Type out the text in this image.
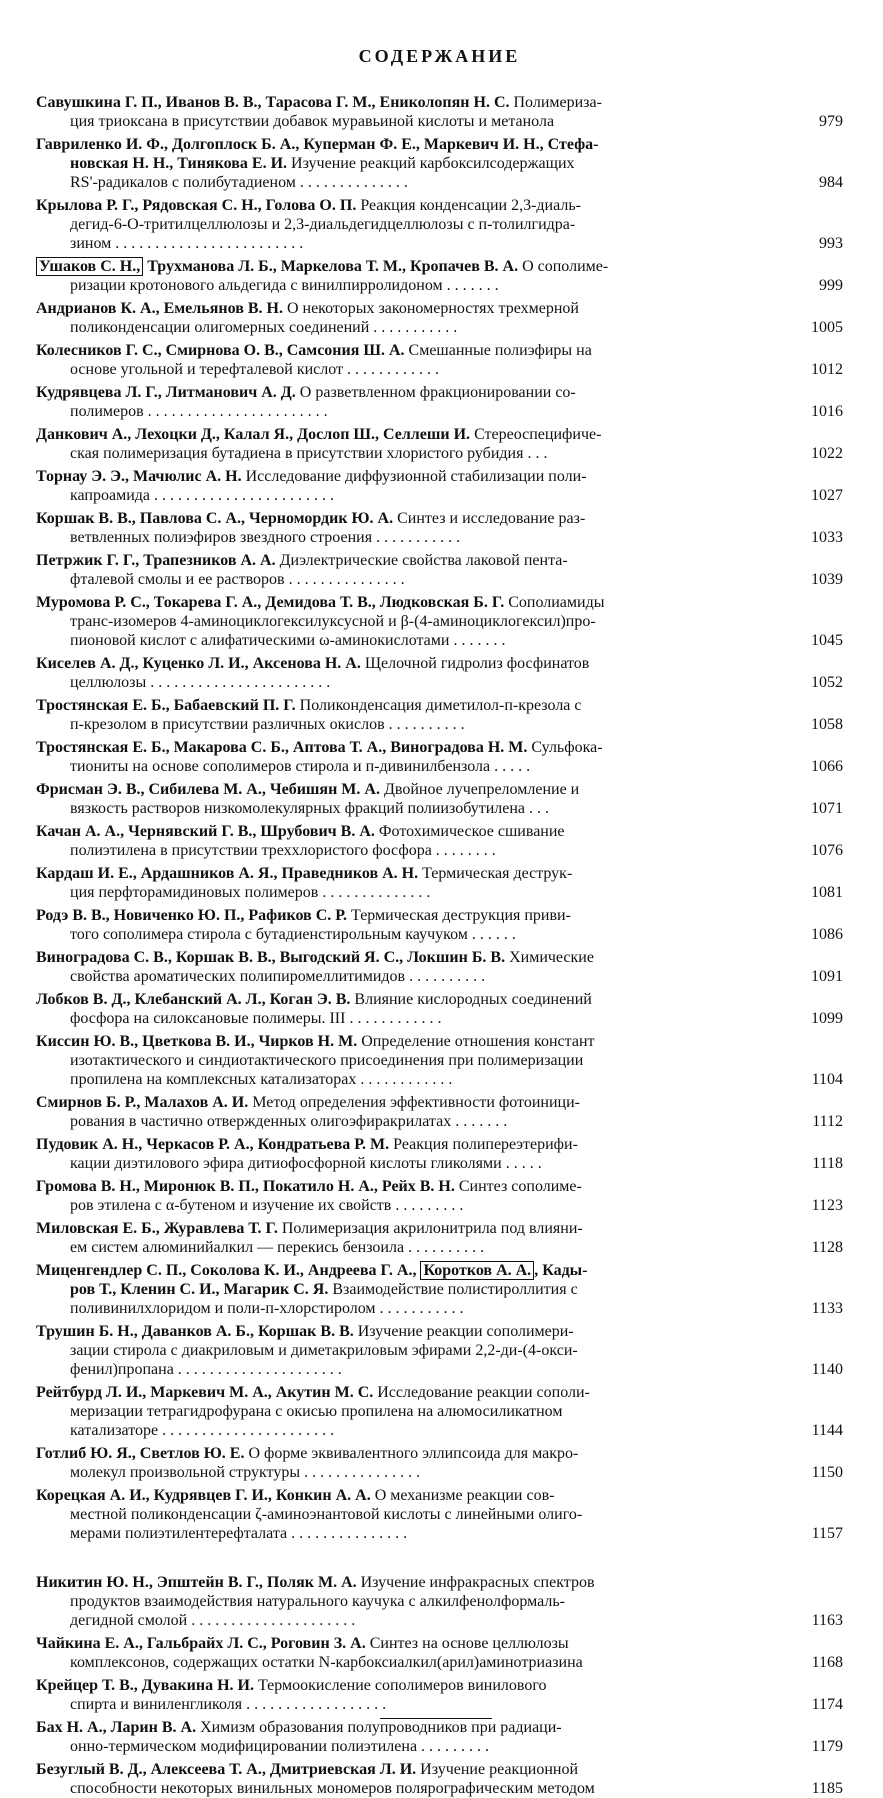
СОДЕРЖАНИЕ
Савушкина Г. П., Иванов В. В., Тарасова Г. М., Ениколопян Н. С. Полимериза-
ция триоксана в присутствии добавок муравьиной кислоты и метанола	979
Гавриленко И. Ф., Долгоплоск Б. А., Куперман Ф. Е., Маркевич И. Н., Стефа-
новская Н. Н., Тинякова Е. И. Изучение реакций карбоксилсодержащих
RS'-радикалов с полибутадиеном . . . . . . . . . . . . . .	984
Крылова Р. Г., Рядовская С. Н., Голова О. П. Реакция конденсации 2,3-диаль-
дегид-6-О-тритилцеллюлозы и 2,3-диальдегидцеллюлозы с п-толилгидра-
зином . . . . . . . . . . . . . . . . . . . . . . . .	993
Ушаков С. Н., Трухманова Л. Б., Маркелова Т. М., Кропачев В. А. О сополиме-
ризации кротонового альдегида с винилпирролидоном . . . . . . .	999
Андрианов К. А., Емельянов В. Н. О некоторых закономерностях трехмерной
поликонденсации олигомерных соединений . . . . . . . . . . .	1005
Колесников Г. С., Смирнова О. В., Самсония Ш. А. Смешанные полиэфиры на
основе угольной и терефталевой кислот . . . . . . . . . . . .	1012
Кудрявцева Л. Г., Литманович А. Д. О разветвленном фракционировании со-
полимеров . . . . . . . . . . . . . . . . . . . . . . .	1016
Данкович А., Лехоцки Д., Калал Я., Дослоп Ш., Селлеши И. Стереоспецифиче-
ская полимеризация бутадиена в присутствии хлористого рубидия . . .	1022
Торнау Э. Э., Мачюлис А. Н. Исследование диффузионной стабилизации поли-
капроамида . . . . . . . . . . . . . . . . . . . . . . .	1027
Коршак В. В., Павлова С. А., Черномордик Ю. А. Синтез и исследование раз-
ветвленных полиэфиров звездного строения . . . . . . . . . . .	1033
Петржик Г. Г., Трапезников А. А. Диэлектрические свойства лаковой пента-
фталевой смолы и ее растворов . . . . . . . . . . . . . . .	1039
Муромова Р. С., Токарева Г. А., Демидова Т. В., Людковская Б. Г. Сополиамиды
транс-изомеров 4-аминоциклогексилуксусной и β-(4-аминоциклогексил)про-
пионовой кислот с алифатическими ω-аминокислотами . . . . . . .	1045
Киселев А. Д., Куценко Л. И., Аксенова Н. А. Щелочной гидролиз фосфинатов
целлюлозы . . . . . . . . . . . . . . . . . . . . . . .	1052
Тростянская Е. Б., Бабаевский П. Г. Поликонденсация диметилол-п-крезола с
п-крезолом в присутствии различных окислов . . . . . . . . . .	1058
Тростянская Е. Б., Макарова С. Б., Аптова Т. А., Виноградова Н. М. Сульфока-
тиониты на основе сополимеров стирола и п-дивинилбензола . . . . .	1066
Фрисман Э. В., Сибилева М. А., Чебишян М. А. Двойное лучепреломление и
вязкость растворов низкомолекулярных фракций полиизобутилена . . .	1071
Качан А. А., Чернявский Г. В., Шрубович В. А. Фотохимическое сшивание
полиэтилена в присутствии треххлористого фосфора . . . . . . . .	1076
Кардаш И. Е., Ардашников А. Я., Праведников А. Н. Термическая деструк-
ция перфторамидиновых полимеров . . . . . . . . . . . . . .	1081
Родэ В. В., Новиченко Ю. П., Рафиков С. Р. Термическая деструкция приви-
того сополимера стирола с бутадиенстирольным каучуком . . . . . .	1086
Виноградова С. В., Коршак В. В., Выгодский Я. С., Локшин Б. В. Химические
свойства ароматических полипиромеллитимидов . . . . . . . . . .	1091
Лобков В. Д., Клебанский А. Л., Коган Э. В. Влияние кислородных соединений
фосфора на силоксановые полимеры. III . . . . . . . . . . . .	1099
Киссин Ю. В., Цветкова В. И., Чирков Н. М. Определение отношения констант
изотактического и синдиотактического присоединения при полимеризации
пропилена на комплексных катализаторах . . . . . . . . . . . .	1104
Смирнов Б. Р., Малахов А. И. Метод определения эффективности фотоиници-
рования в частично отвержденных олигоэфиракрилатах . . . . . . .	1112
Пудовик А. Н., Черкасов Р. А., Кондратьева Р. М. Реакция полипереэтерифи-
кации диэтилового эфира дитиофосфорной кислоты гликолями . . . . .	1118
Громова В. Н., Миронюк В. П., Покатило Н. А., Рейх В. Н. Синтез сополиме-
ров этилена с α-бутеном и изучение их свойств . . . . . . . . .	1123
Миловская Е. Б., Журавлева Т. Г. Полимеризация акрилонитрила под влияни-
ем систем алюминийалкил — перекись бензоила . . . . . . . . . .	1128
Миценгендлер С. П., Соколова К. И., Андреева Г. А., Коротков А. А. , Кады-
ров Т., Кленин С. И., Магарик С. Я. Взаимодействие полистироллития с
поливинилхлоридом и поли-п-хлорстиролом . . . . . . . . . . .	1133
Трушин Б. Н., Даванков А. Б., Коршак В. В. Изучение реакции сополимери-
зации стирола с диакриловым и диметакриловым эфирами 2,2-ди-(4-окси-
фенил)пропана . . . . . . . . . . . . . . . . . . . . .	1140
Рейтбурд Л. И., Маркевич М. А., Акутин М. С. Исследование реакции сополи-
меризации тетрагидрофурана с окисью пропилена на алюмосиликатном
катализаторе . . . . . . . . . . . . . . . . . . . . . .	1144
Готлиб Ю. Я., Светлов Ю. Е. О форме эквивалентного эллипсоида для макро-
молекул произвольной структуры . . . . . . . . . . . . . . .	1150
Корецкая А. И., Кудрявцев Г. И., Конкин А. А. О механизме реакции сов-
местной поликонденсации ζ-аминоэнантовой кислоты с линейными олиго-
мерами полиэтилентерефталата . . . . . . . . . . . . . . .	1157
Никитин Ю. Н., Эпштейн В. Г., Поляк М. А. Изучение инфракрасных спектров
продуктов взаимодействия натурального каучука с алкилфенолформаль-
дегидной смолой . . . . . . . . . . . . . . . . . . . . .	1163
Чайкина Е. А., Гальбрайх Л. С., Роговин З. А. Синтез на основе целлюлозы
комплексонов, содержащих остатки N-карбоксиалкил(арил)аминотриазина	1168
Крейцер Т. В., Дувакина Н. И. Термоокисление сополимеров винилового
спирта и виниленгликоля . . . . . . . . . . . . . . . . . .	1174
Бах Н. А., Ларин В. А. Химизм образования полупроводников при радиаци-
онно-термическом модифицировании полиэтилена . . . . . . . . .	1179
Безуглый В. Д., Алексеева Т. А., Дмитриевская Л. И. Изучение реакционной
способности некоторых винильных мономеров полярографическим методом	1185
